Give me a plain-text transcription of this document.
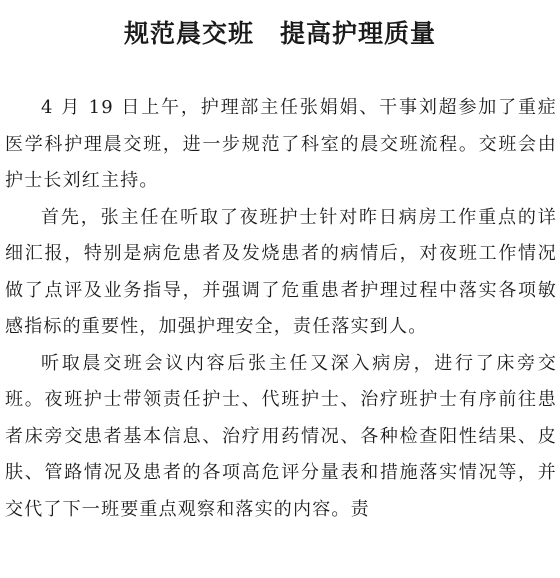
规范晨交班　提高护理质量

4 月 19 日上午，护理部主任张娟娟、干事刘超参加了重症医学科护理晨交班，进一步规范了科室的晨交班流程。交班会由护士长刘红主持。

首先，张主任在听取了夜班护士针对昨日病房工作重点的详细汇报，特别是病危患者及发烧患者的病情后，对夜班工作情况做了点评及业务指导，并强调了危重患者护理过程中落实各项敏感指标的重要性，加强护理安全，责任落实到人。

听取晨交班会议内容后张主任又深入病房，进行了床旁交班。夜班护士带领责任护士、代班护士、治疗班护士有序前往患者床旁交患者基本信息、治疗用药情况、各种检查阳性结果、皮肤、管路情况及患者的各项高危评分量表和措施落实情况等，并交代了下一班要重点观察和落实的内容。责
